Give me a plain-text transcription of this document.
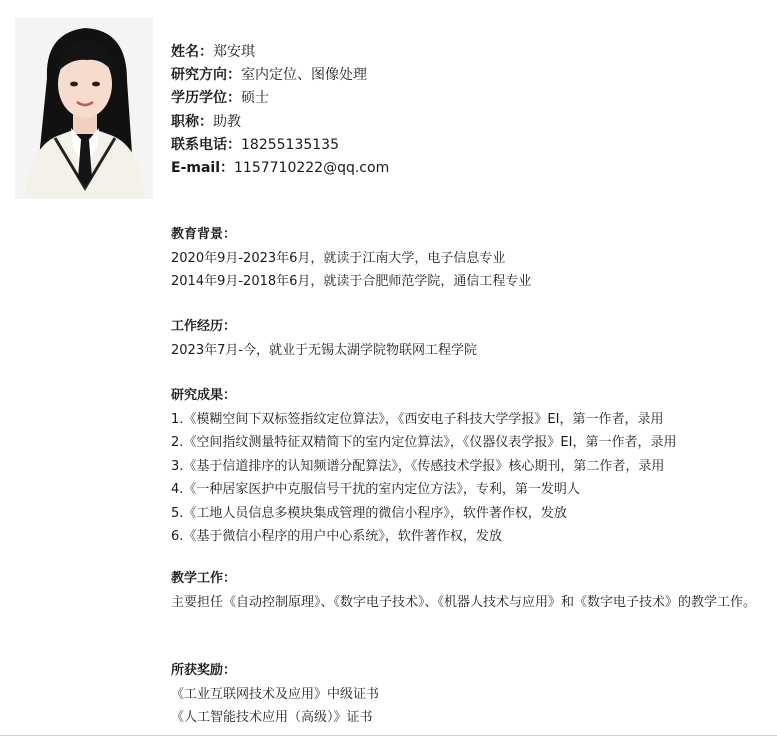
姓名：郑安琪
研究方向：室内定位、图像处理
学历学位：硕士
职称：助教
联系电话：18255135135
E-mail：1157710222@qq.com
教育背景：
2020年9月-2023年6月，就读于江南大学，电子信息专业
2014年9月-2018年6月，就读于合肥师范学院，通信工程专业
工作经历：
2023年7月-今，就业于无锡太湖学院物联网工程学院
研究成果：
1.《模糊空间下双标签指纹定位算法》，《西安电子科技大学学报》EI，第一作者，录用
2.《空间指纹测量特征双精简下的室内定位算法》，《仪器仪表学报》EI，第一作者，录用
3.《基于信道排序的认知频谱分配算法》，《传感技术学报》核心期刊，第二作者，录用
4.《一种居家医护中克服信号干扰的室内定位方法》，专利，第一发明人
5.《工地人员信息多模块集成管理的微信小程序》，软件著作权，发放
6.《基于微信小程序的用户中心系统》，软件著作权，发放
教学工作：
主要担任《自动控制原理》、《数字电子技术》、《机器人技术与应用》和《数字电子技术》的教学工作。
所获奖励：
《工业互联网技术及应用》中级证书
《人工智能技术应用（高级）》证书
